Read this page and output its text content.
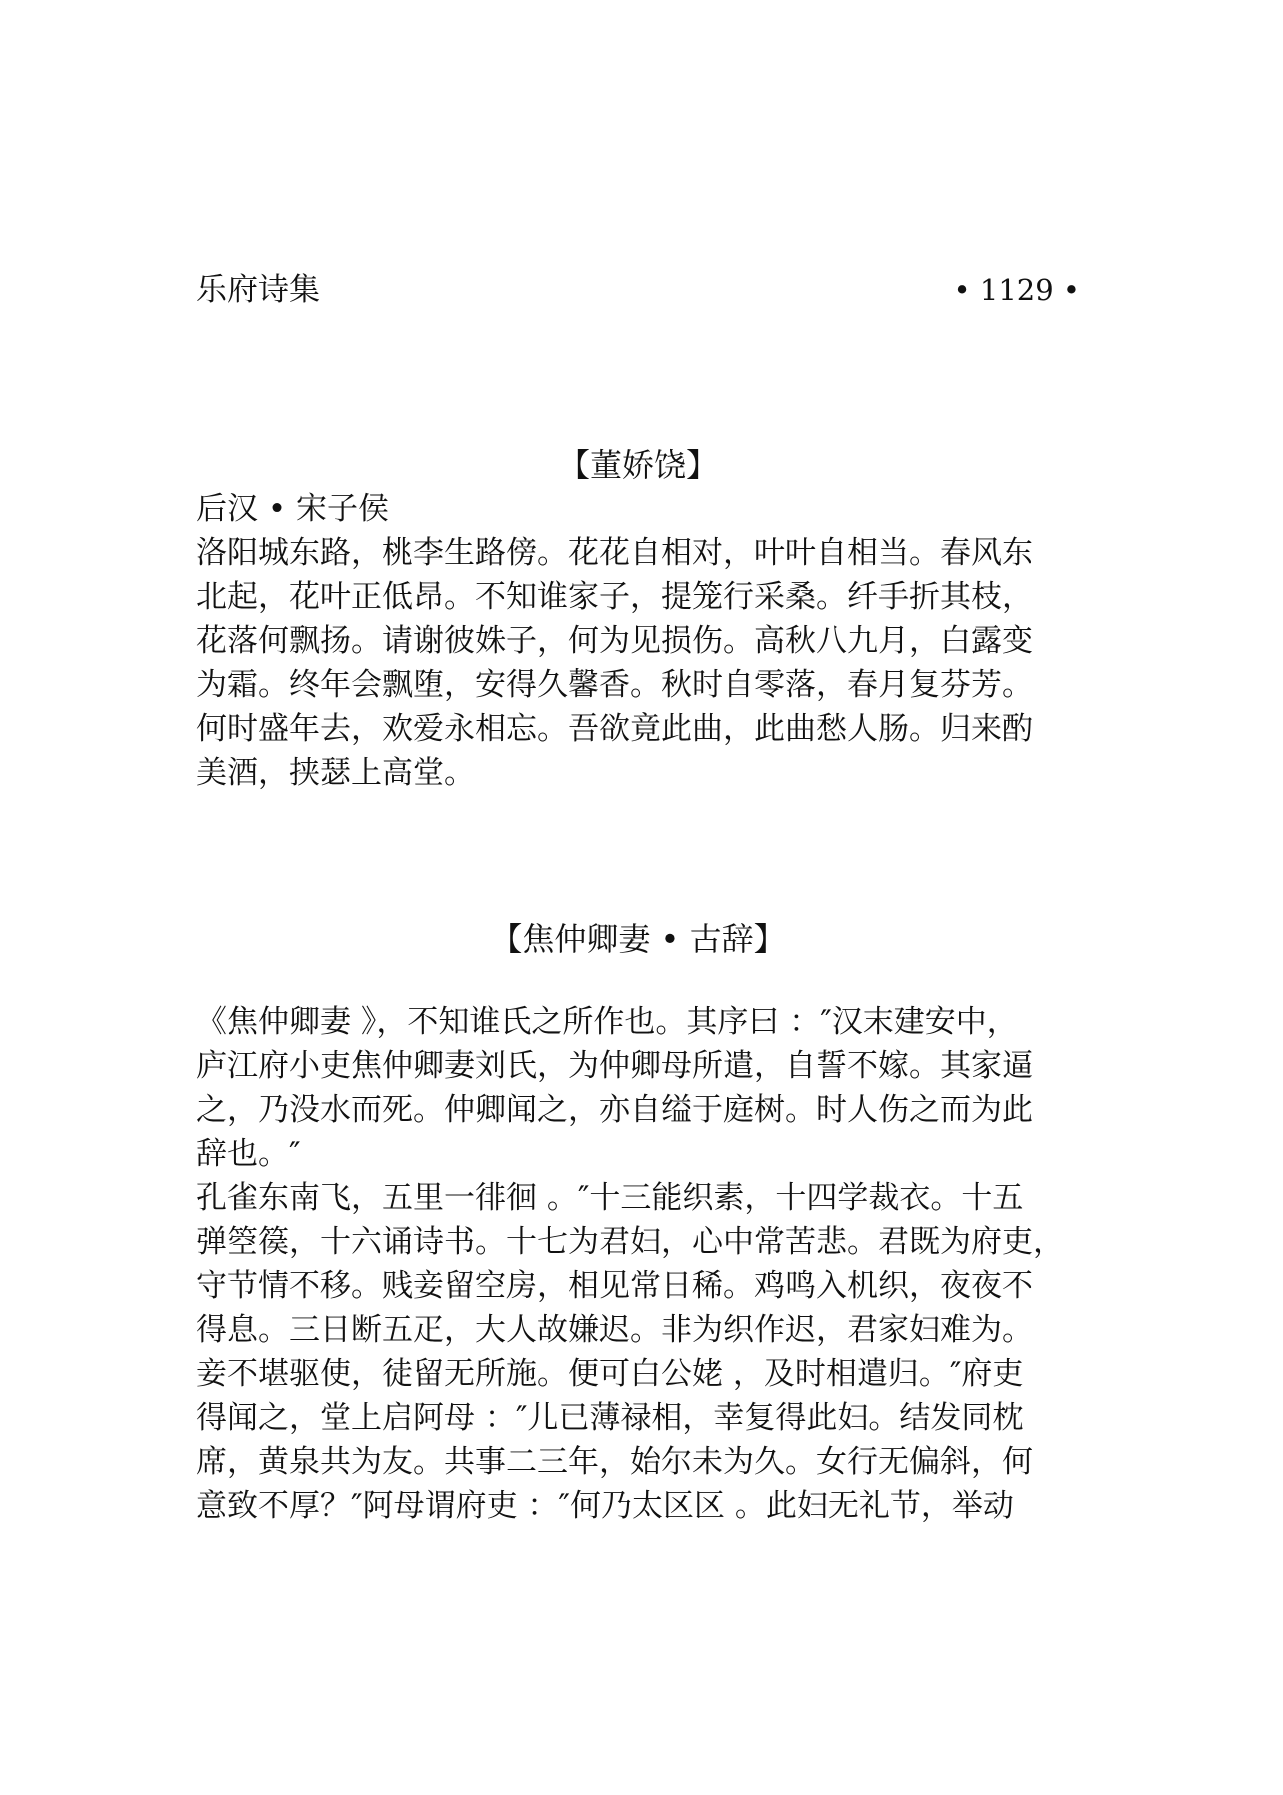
乐府诗集	• 1129 •
【董娇饶】
后汉 • 宋子侯
洛阳城东路，桃李生路傍。花花自相对，叶叶自相当。春风东
北起，花叶正低昂。不知谁家子，提笼行采桑。纤手折其枝，
花落何飘扬。请谢彼姝子，何为见损伤。高秋八九月，白露变
为霜。终年会飘堕，安得久馨香。秋时自零落，春月复芬芳。
何时盛年去，欢爱永相忘。吾欲竟此曲，此曲愁人肠。归来酌
美酒，挟瑟上高堂。
【焦仲卿妻 • 古辞】
《焦仲卿妻 》，不知谁氏之所作也。其序曰 ：″汉末建安中，
庐江府小吏焦仲卿妻刘氏，为仲卿母所遣，自誓不嫁。其家逼
之，乃没水而死。仲卿闻之，亦自缢于庭树。时人伤之而为此
辞也。″
孔雀东南飞，五里一徘徊 。″十三能织素，十四学裁衣。十五
弹箜篌，十六诵诗书。十七为君妇，心中常苦悲。君既为府吏，
守节情不移。贱妾留空房，相见常日稀。鸡鸣入机织，夜夜不
得息。三日断五疋，大人故嫌迟。非为织作迟，君家妇难为。
妾不堪驱使，徒留无所施。便可白公姥 ，及时相遣归。″府吏
得闻之，堂上启阿母 ：″儿已薄禄相，幸复得此妇。结发同枕
席，黄泉共为友。共事二三年，始尔未为久。女行无偏斜，何
意致不厚？″阿母谓府吏 ：″何乃太区区 。此妇无礼节，举动
